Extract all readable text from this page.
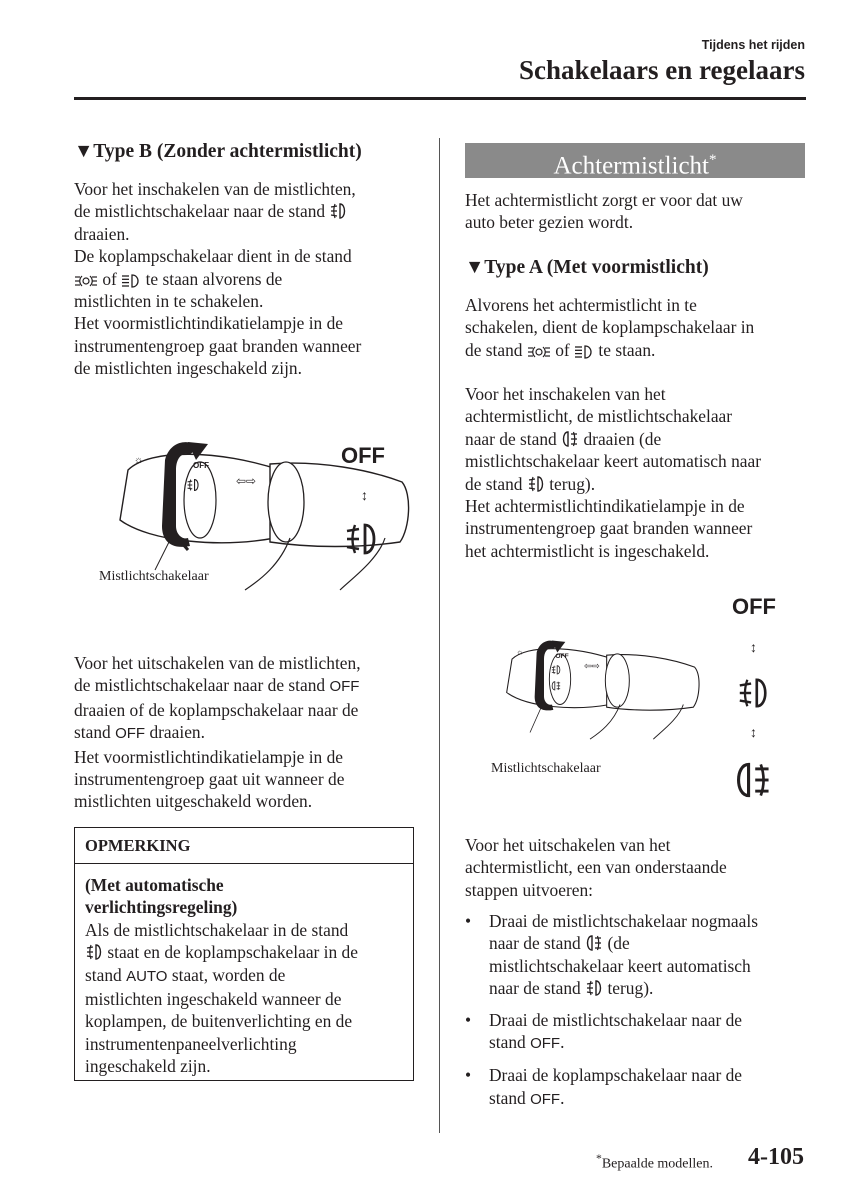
Tijdens het rijden
Schakelaars en regelaars
▼Type B (Zonder achtermistlicht)

Voor het inschakelen van de mistlichten,

de mistlichtschakelaar naar de stand

draaien.

De koplampschakelaar dient in de stand

of te staan alvorens de

mistlichten in te schakelen.

Het voormistlichtindikatielampje in de

instrumentengroep gaat branden wanneer

de mistlichten ingeschakeld zijn.

☼	OFF
⇦⇨
Mistlichtschakelaar
OFF
↕

Voor het uitschakelen van de mistlichten,

de mistlichtschakelaar naar de stand OFF

draaien of de koplampschakelaar naar de

stand OFF draaien.

Het voormistlichtindikatielampje in de

instrumentengroep gaat uit wanneer de

mistlichten uitgeschakeld worden.

OPMERKING

(Met automatische

verlichtingsregeling)

Als de mistlichtschakelaar in de stand

staat en de koplampschakelaar in de

stand AUTO staat, worden de

mistlichten ingeschakeld wanneer de

koplampen, de buitenverlichting en de

instrumentenpaneelverlichting

ingeschakeld zijn.

Achtermistlicht*

Het achtermistlicht zorgt er voor dat uw

auto beter gezien wordt.

▼Type A (Met voormistlicht)

Alvorens het achtermistlicht in te

schakelen, dient de koplampschakelaar in

de stand of te staan.

Voor het inschakelen van het

achtermistlicht, de mistlichtschakelaar

naar de stand draaien (de

mistlichtschakelaar keert automatisch naar

de stand terug).

Het achtermistlichtindikatielampje in de

instrumentengroep gaat branden wanneer

het achtermistlicht is ingeschakeld.

☼	OFF
⇦⇨
Mistlichtschakelaar
OFF
↕
↕

Voor het uitschakelen van het

achtermistlicht, een van onderstaande

stappen uitvoeren:

• Draai de mistlichtschakelaar nogmaals

naar de stand (de

mistlichtschakelaar keert automatisch

naar de stand terug).

• Draai de mistlichtschakelaar naar de

stand OFF.

• Draai de koplampschakelaar naar de

stand OFF.

*Bepaalde modellen. 4-105
